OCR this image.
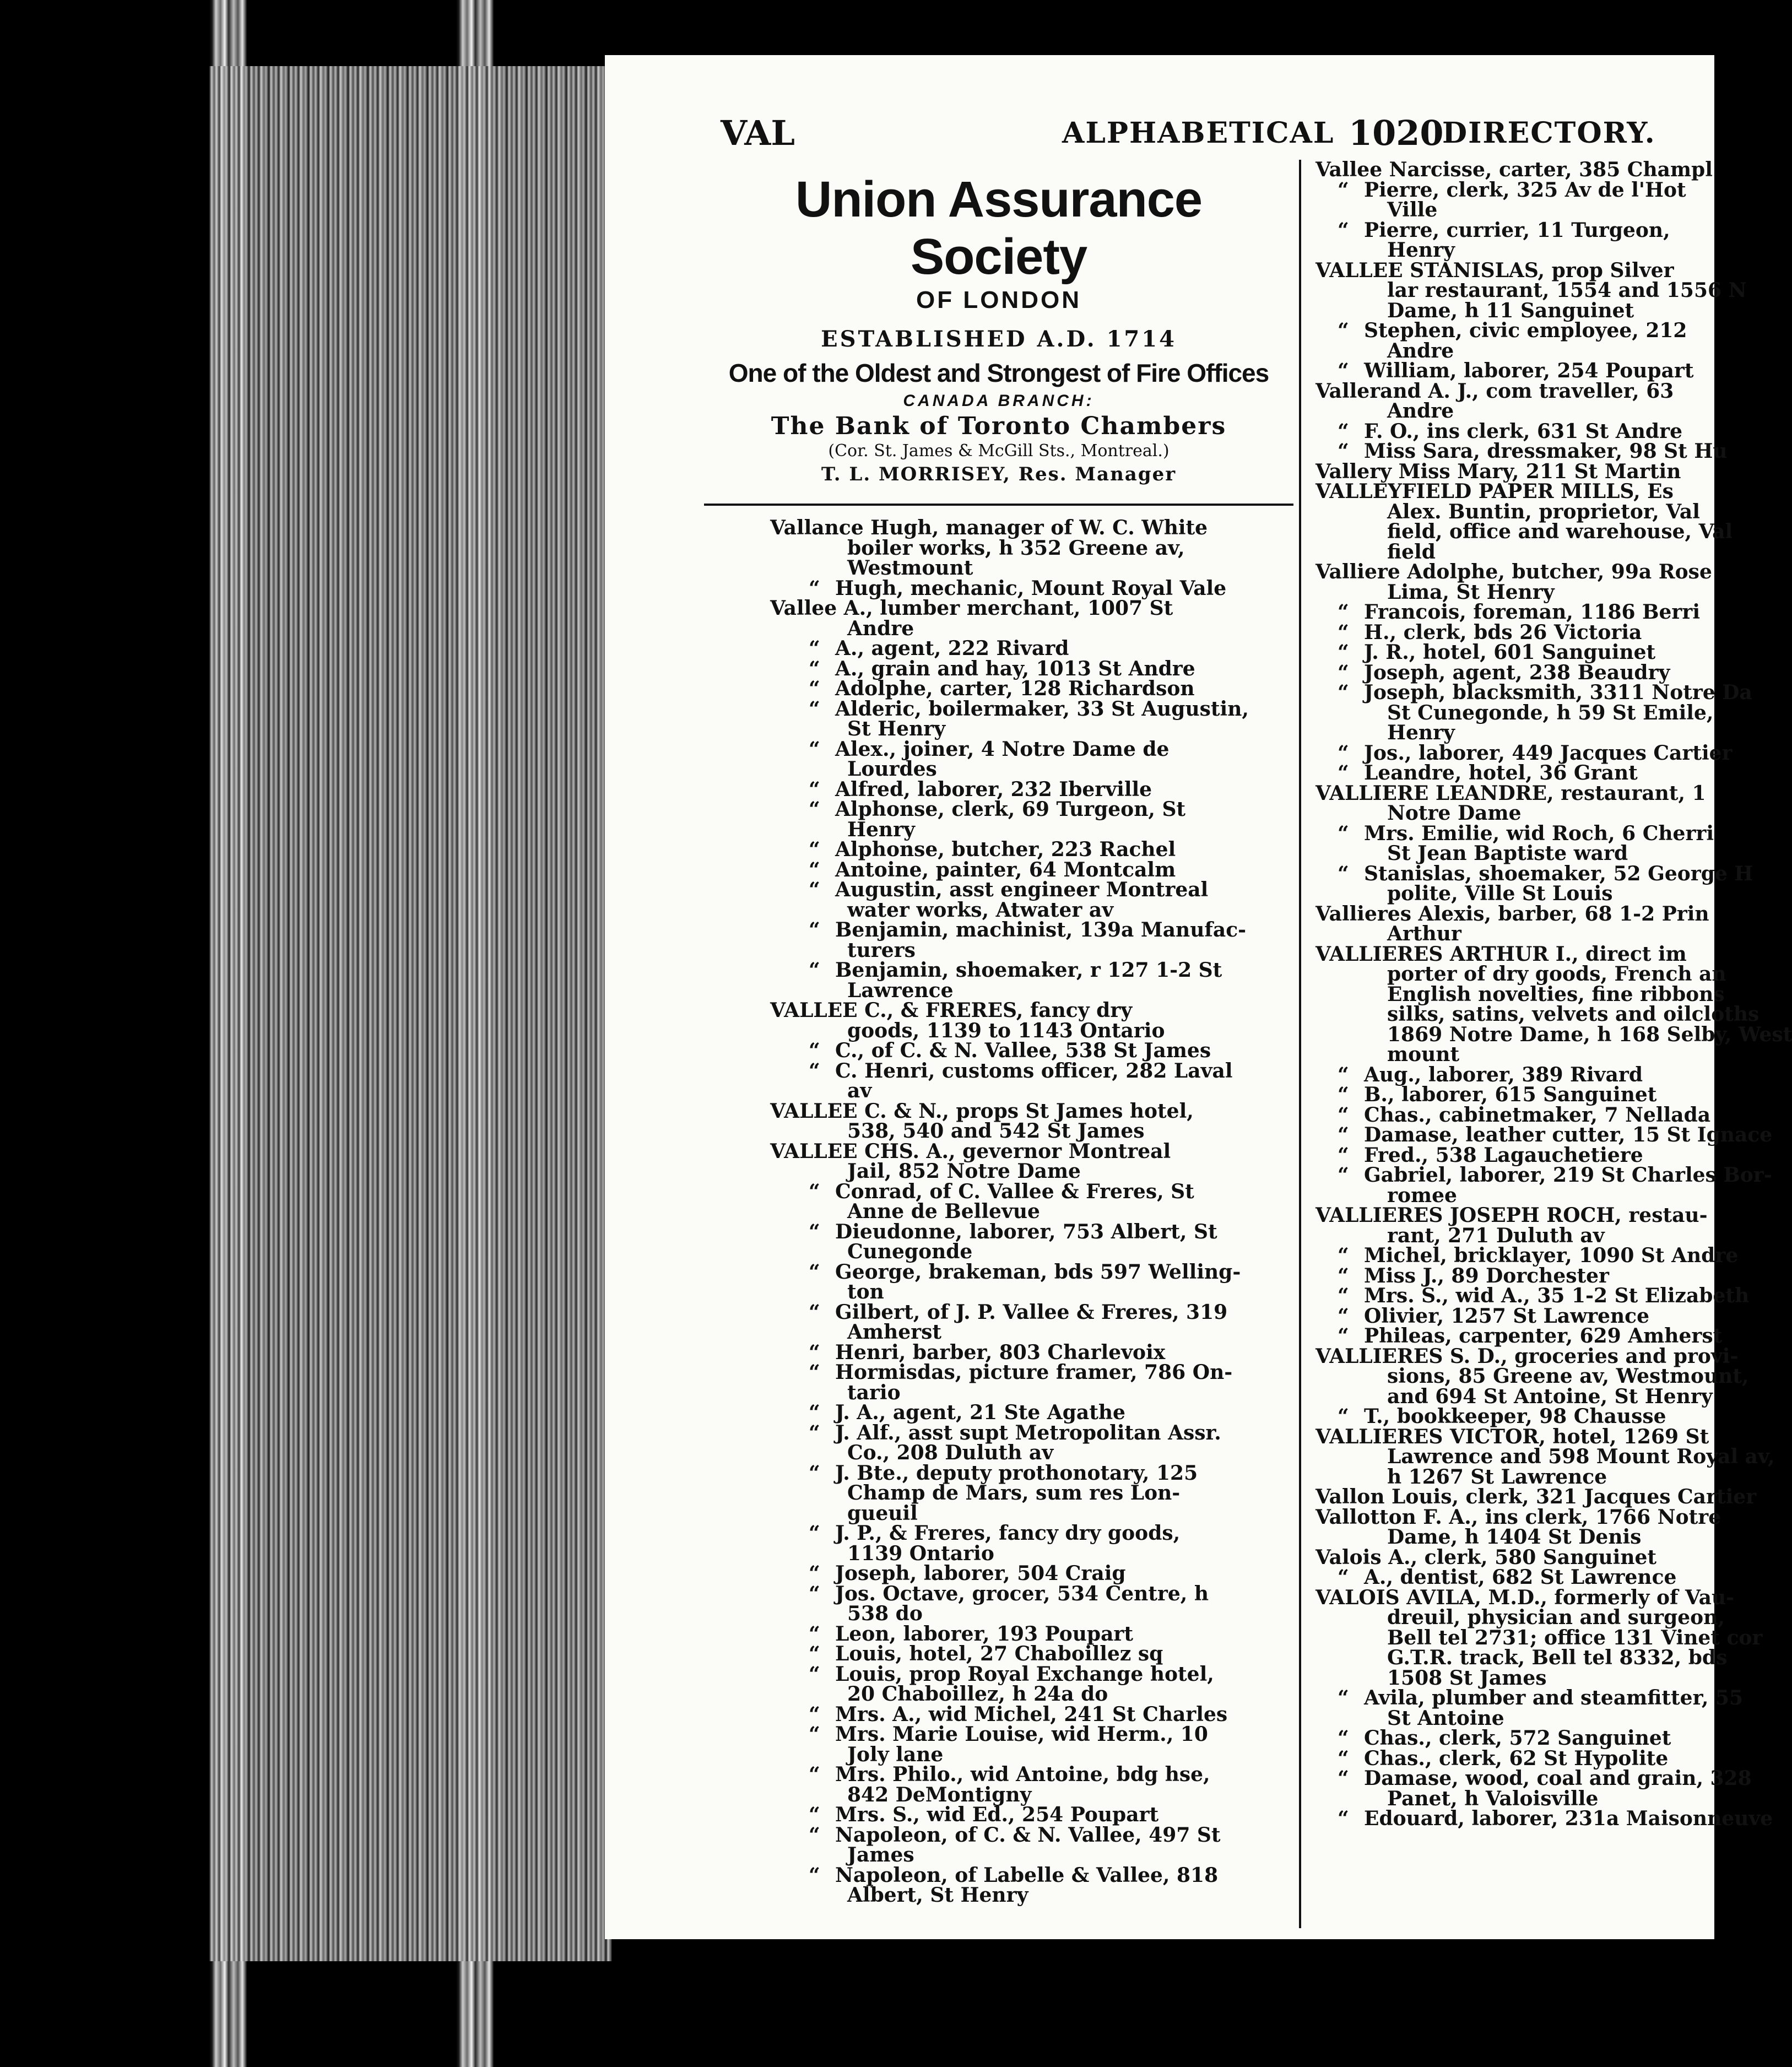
VAL	ALPHABETICAL 1020
DIRECTORY.
Union Assurance Society
OF LONDON
ESTABLISHED A.D. 1714
One of the Oldest and Strongest of Fire Offices
CANADA BRANCH:
The Bank of Toronto Chambers
(Cor. St. James & McGill Sts., Montreal.)
T. L. MORRISEY, Res. Manager
Vallance Hugh, manager of W. C. White
boiler works, h 352 Greene av,
Westmount
“ Hugh, mechanic, Mount Royal Vale
Vallee A., lumber merchant, 1007 St
Andre
“ A., agent, 222 Rivard
“ A., grain and hay, 1013 St Andre
“ Adolphe, carter, 128 Richardson
“ Alderic, boilermaker, 33 St Augustin,
St Henry
“ Alex., joiner, 4 Notre Dame de
Lourdes
“ Alfred, laborer, 232 Iberville
“ Alphonse, clerk, 69 Turgeon, St
Henry
“ Alphonse, butcher, 223 Rachel
“ Antoine, painter, 64 Montcalm
“ Augustin, asst engineer Montreal
water works, Atwater av
“ Benjamin, machinist, 139a Manufac-
turers
“ Benjamin, shoemaker, r 127 1-2 St
Lawrence
VALLEE C., & FRERES, fancy dry
goods, 1139 to 1143 Ontario
“ C., of C. & N. Vallee, 538 St James
“ C. Henri, customs officer, 282 Laval
av
VALLEE C. & N., props St James hotel,
538, 540 and 542 St James
VALLEE CHS. A., gevernor Montreal
Jail, 852 Notre Dame
“ Conrad, of C. Vallee & Freres, St
Anne de Bellevue
“ Dieudonne, laborer, 753 Albert, St
Cunegonde
“ George, brakeman, bds 597 Welling-
ton
“ Gilbert, of J. P. Vallee & Freres, 319
Amherst
“ Henri, barber, 803 Charlevoix
“ Hormisdas, picture framer, 786 On-
tario
“ J. A., agent, 21 Ste Agathe
“ J. Alf., asst supt Metropolitan Assr.
Co., 208 Duluth av
“ J. Bte., deputy prothonotary, 125
Champ de Mars, sum res Lon-
gueuil
“ J. P., & Freres, fancy dry goods,
1139 Ontario
“ Joseph, laborer, 504 Craig
“ Jos. Octave, grocer, 534 Centre, h
538 do
“ Leon, laborer, 193 Poupart
“ Louis, hotel, 27 Chaboillez sq
“ Louis, prop Royal Exchange hotel,
20 Chaboillez, h 24a do
“ Mrs. A., wid Michel, 241 St Charles
“ Mrs. Marie Louise, wid Herm., 10
Joly lane
“ Mrs. Philo., wid Antoine, bdg hse,
842 DeMontigny
“ Mrs. S., wid Ed., 254 Poupart
“ Napoleon, of C. & N. Vallee, 497 St
James
“ Napoleon, of Labelle & Vallee, 818
Albert, St Henry
Vallee Narcisse, carter, 385 Champl
“ Pierre, clerk, 325 Av de l'Hot
Ville
“ Pierre, currier, 11 Turgeon,
Henry
VALLEE STANISLAS, prop Silver
lar restaurant, 1554 and 1556 N
Dame, h 11 Sanguinet
“ Stephen, civic employee, 212
Andre
“ William, laborer, 254 Poupart
Vallerand A. J., com traveller, 63
Andre
“ F. O., ins clerk, 631 St Andre
“ Miss Sara, dressmaker, 98 St Hu
Vallery Miss Mary, 211 St Martin
VALLEYFIELD PAPER MILLS, Es
Alex. Buntin, proprietor, Val
field, office and warehouse, Val
field
Valliere Adolphe, butcher, 99a Rose
Lima, St Henry
“ Francois, foreman, 1186 Berri
“ H., clerk, bds 26 Victoria
“ J. R., hotel, 601 Sanguinet
“ Joseph, agent, 238 Beaudry
“ Joseph, blacksmith, 3311 Notre Da
St Cunegonde, h 59 St Emile,
Henry
“ Jos., laborer, 449 Jacques Cartier
“ Leandre, hotel, 36 Grant
VALLIERE LEANDRE, restaurant, 1
Notre Dame
“ Mrs. Emilie, wid Roch, 6 Cherri
St Jean Baptiste ward
“ Stanislas, shoemaker, 52 George H
polite, Ville St Louis
Vallieres Alexis, barber, 68 1-2 Prin
Arthur
VALLIERES ARTHUR I., direct im
porter of dry goods, French an
English novelties, fine ribbons
silks, satins, velvets and oilcloths
1869 Notre Dame, h 168 Selby, West
mount
“ Aug., laborer, 389 Rivard
“ B., laborer, 615 Sanguinet
“ Chas., cabinetmaker, 7 Nellada
“ Damase, leather cutter, 15 St Ignace
“ Fred., 538 Lagauchetiere
“ Gabriel, laborer, 219 St Charles Bor-
romee
VALLIERES JOSEPH ROCH, restau-
rant, 271 Duluth av
“ Michel, bricklayer, 1090 St Andre
“ Miss J., 89 Dorchester
“ Mrs. S., wid A., 35 1-2 St Elizabeth
“ Olivier, 1257 St Lawrence
“ Phileas, carpenter, 629 Amherst
VALLIERES S. D., groceries and provi-
sions, 85 Greene av, Westmount,
and 694 St Antoine, St Henry
“ T., bookkeeper, 98 Chausse
VALLIERES VICTOR, hotel, 1269 St
Lawrence and 598 Mount Royal av,
h 1267 St Lawrence
Vallon Louis, clerk, 321 Jacques Cartier
Vallotton F. A., ins clerk, 1766 Notre
Dame, h 1404 St Denis
Valois A., clerk, 580 Sanguinet
“ A., dentist, 682 St Lawrence
VALOIS AVILA, M.D., formerly of Vau-
dreuil, physician and surgeon,
Bell tel 2731; office 131 Vinet cor
G.T.R. track, Bell tel 8332, bds
1508 St James
“ Avila, plumber and steamfitter, 55
St Antoine
“ Chas., clerk, 572 Sanguinet
“ Chas., clerk, 62 St Hypolite
“ Damase, wood, coal and grain, 328
Panet, h Valoisville
“ Edouard, laborer, 231a Maisonneuve
